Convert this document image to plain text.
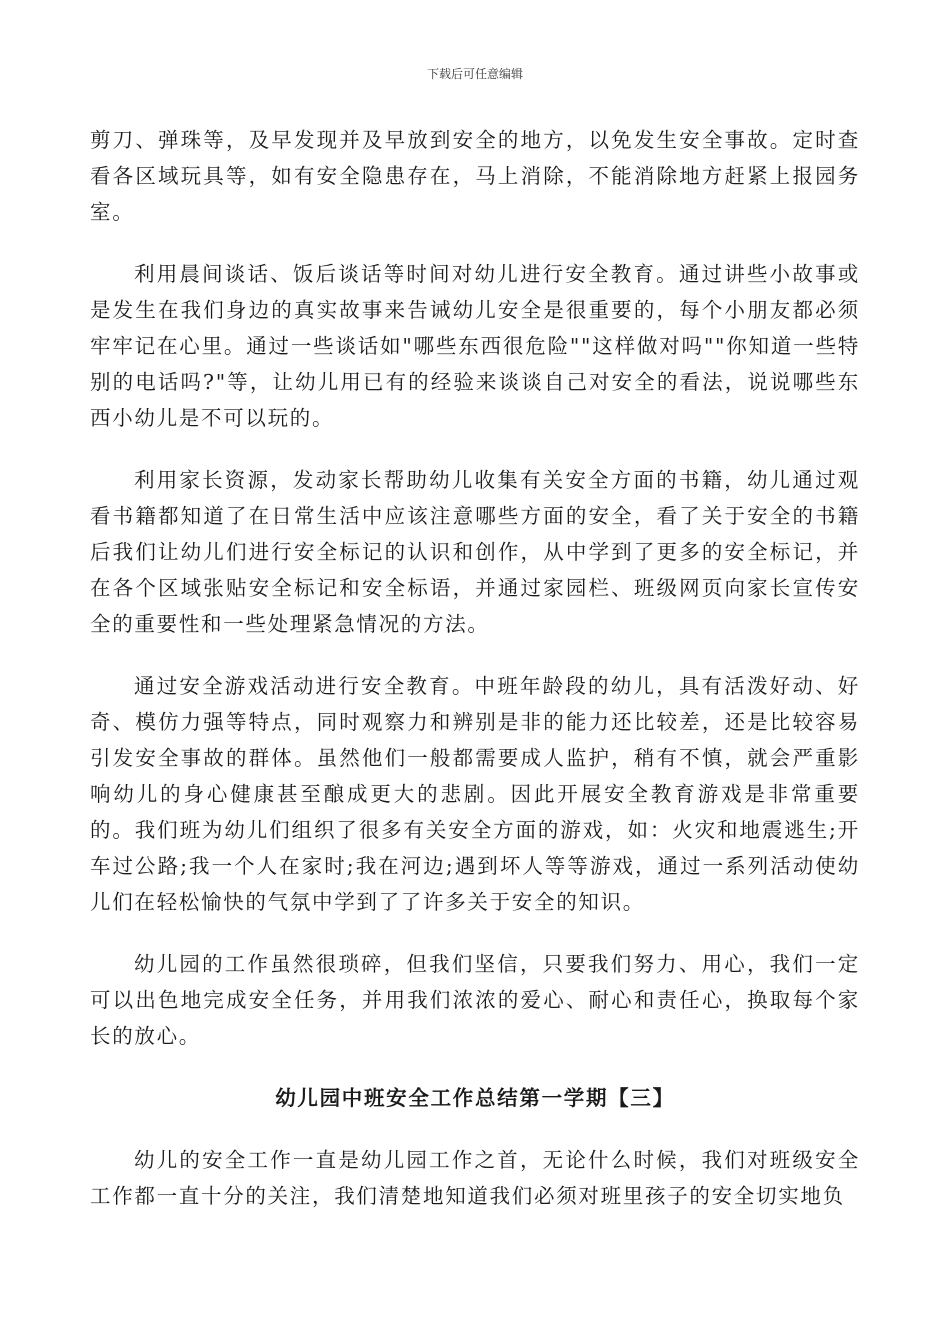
下载后可任意编辑

剪刀、弹珠等，及早发现并及早放到安全的地方，以免发生安全事故。定时查看各区域玩具等，如有安全隐患存在，马上消除，不能消除地方赶紧上报园务室。

利用晨间谈话、饭后谈话等时间对幼儿进行安全教育。通过讲些小故事或是发生在我们身边的真实故事来告诫幼儿安全是很重要的，每个小朋友都必须牢牢记在心里。通过一些谈话如"哪些东西很危险""这样做对吗""你知道一些特别的电话吗?"等，让幼儿用已有的经验来谈谈自己对安全的看法，说说哪些东西小幼儿是不可以玩的。

利用家长资源，发动家长帮助幼儿收集有关安全方面的书籍，幼儿通过观看书籍都知道了在日常生活中应该注意哪些方面的安全，看了关于安全的书籍后我们让幼儿们进行安全标记的认识和创作，从中学到了更多的安全标记，并在各个区域张贴安全标记和安全标语，并通过家园栏、班级网页向家长宣传安全的重要性和一些处理紧急情况的方法。

通过安全游戏活动进行安全教育。中班年龄段的幼儿，具有活泼好动、好奇、模仿力强等特点，同时观察力和辨别是非的能力还比较差，还是比较容易引发安全事故的群体。虽然他们一般都需要成人监护，稍有不慎，就会严重影响幼儿的身心健康甚至酿成更大的悲剧。因此开展安全教育游戏是非常重要的。我们班为幼儿们组织了很多有关安全方面的游戏，如：火灾和地震逃生;开车过公路;我一个人在家时;我在河边;遇到坏人等等游戏，通过一系列活动使幼儿们在轻松愉快的气氛中学到了了许多关于安全的知识。

幼儿园的工作虽然很琐碎，但我们坚信，只要我们努力、用心，我们一定可以出色地完成安全任务，并用我们浓浓的爱心、耐心和责任心，换取每个家长的放心。

幼儿园中班安全工作总结第一学期【三】

幼儿的安全工作一直是幼儿园工作之首，无论什么时候，我们对班级安全工作都一直十分的关注，我们清楚地知道我们必须对班里孩子的安全切实地负
